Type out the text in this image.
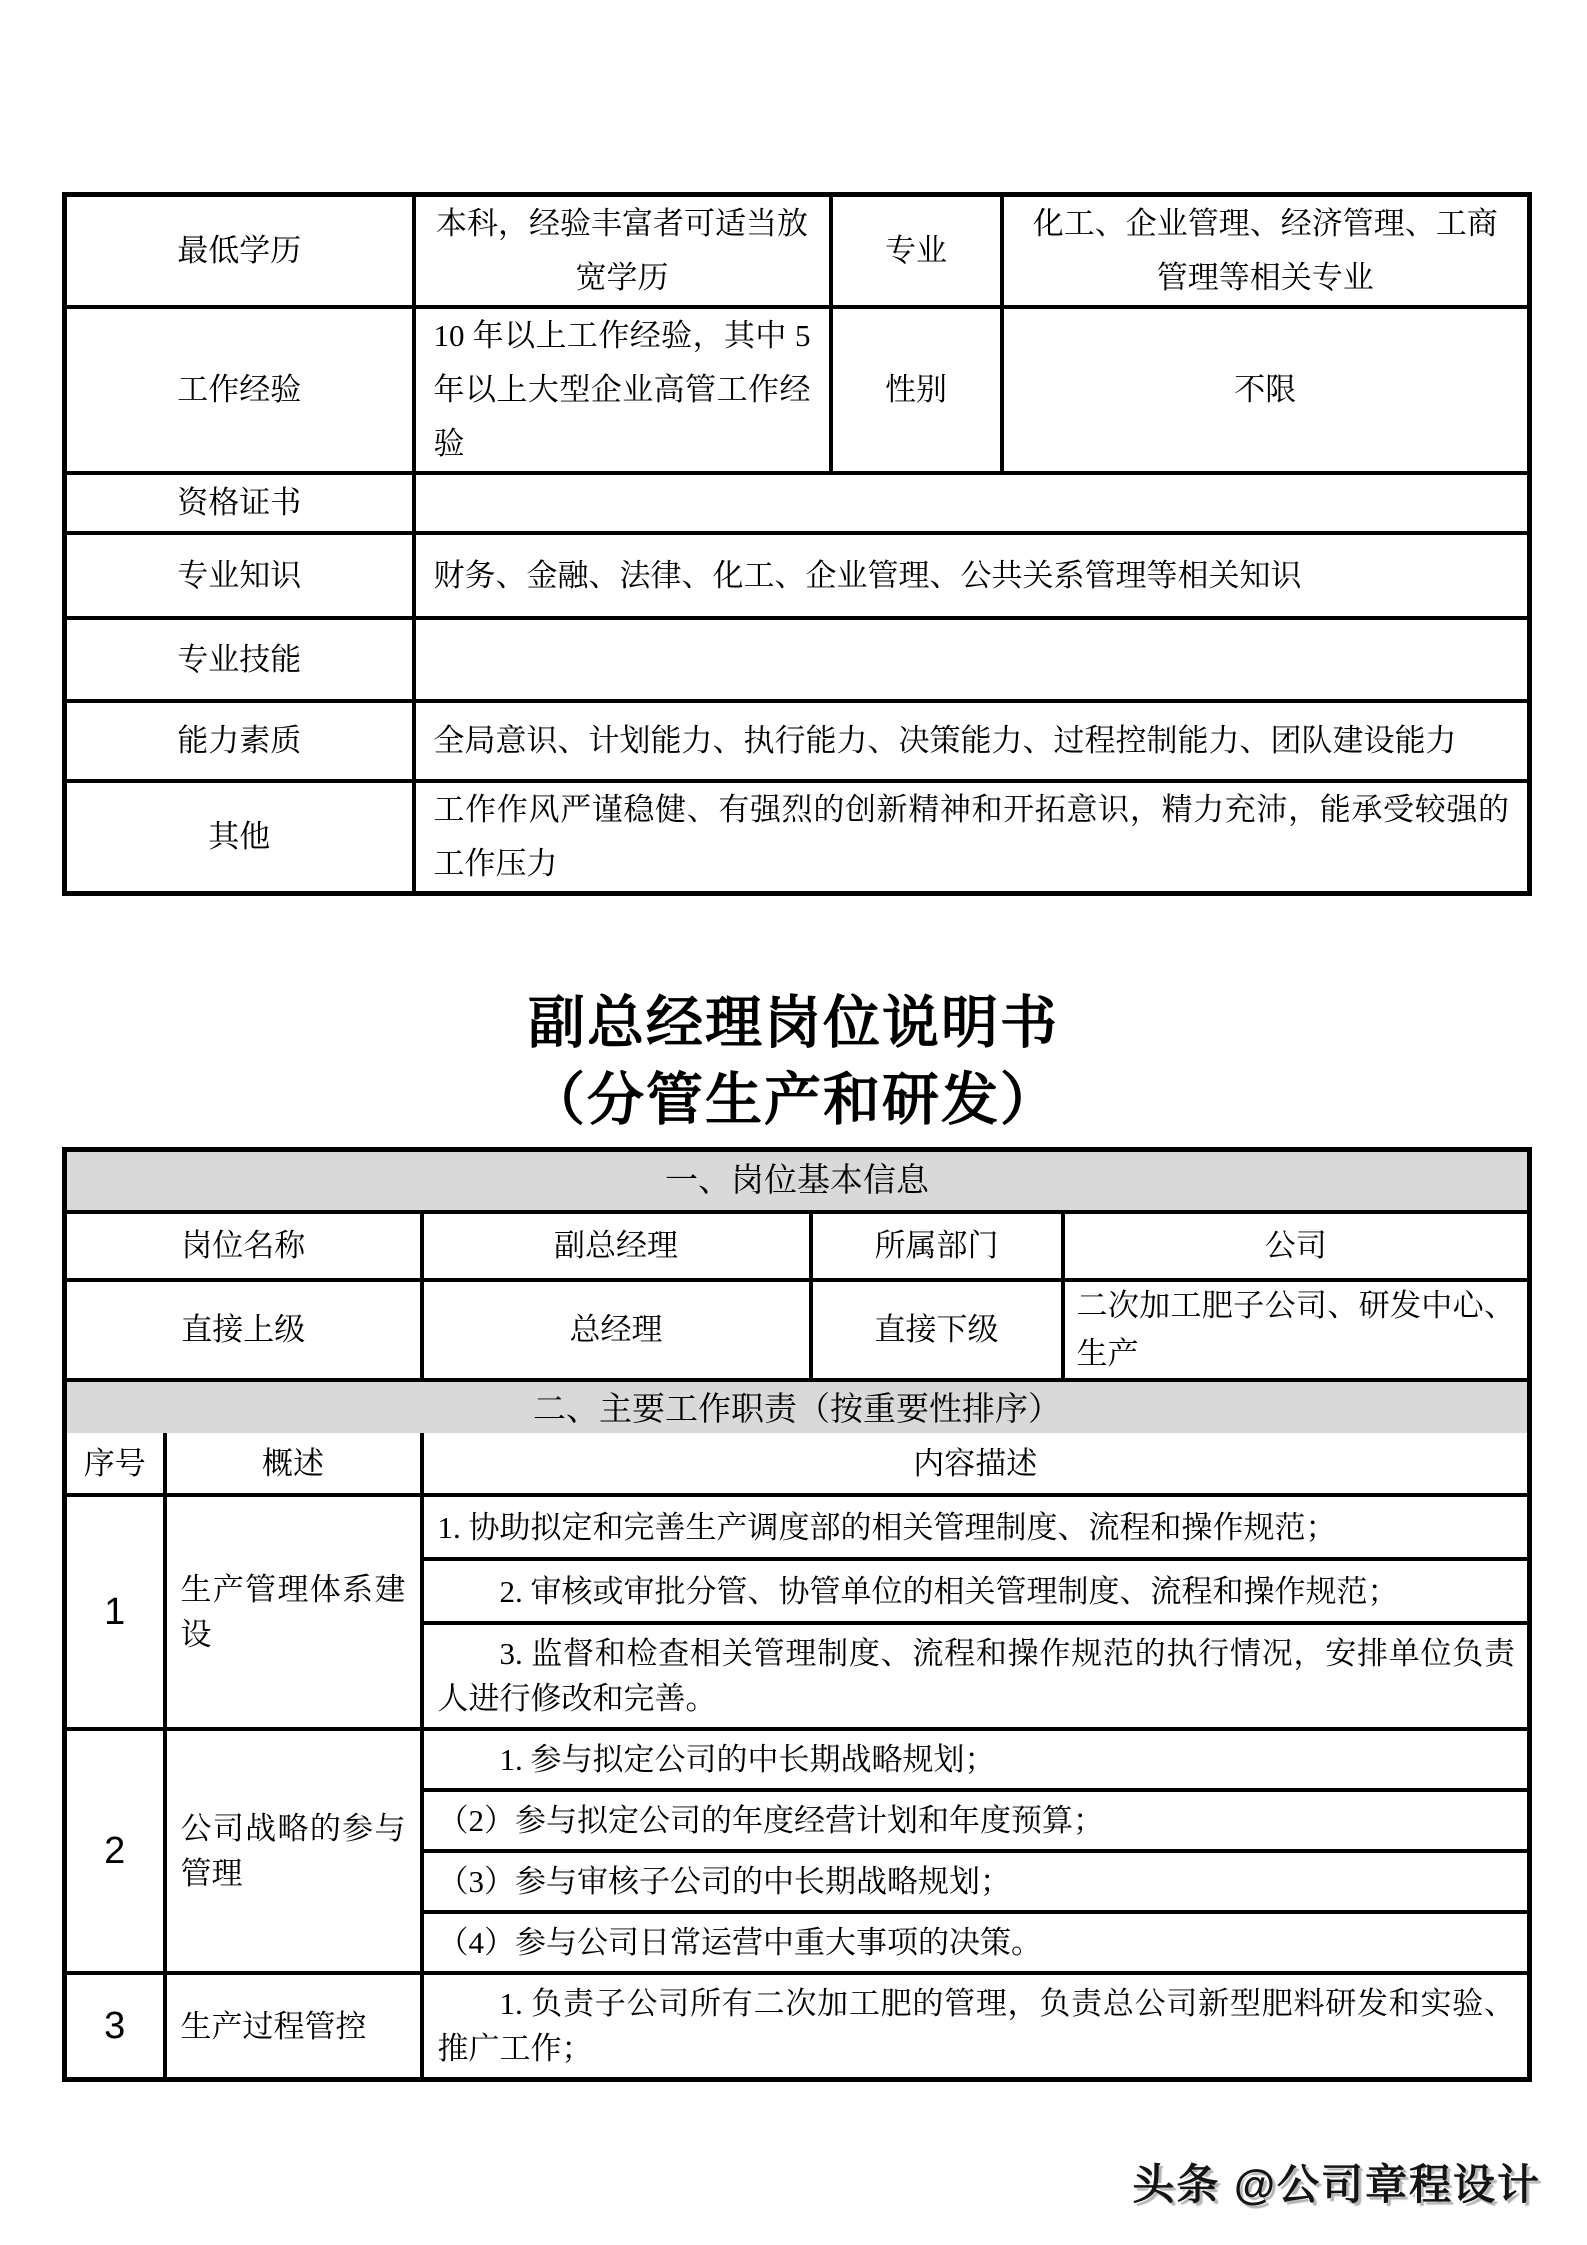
最低学历	本科，经验丰富者可适当放宽学历	专业	化工、企业管理、经济管理、工商管理等相关专业
工作经验	10 年以上工作经验，其中 5 年以上大型企业高管工作经验	性别	不限
资格证书			
专业知识	财务、金融、法律、化工、企业管理、公共关系管理等相关知识		
专业技能			
能力素质	全局意识、计划能力、执行能力、决策能力、过程控制能力、团队建设能力		
其他	工作作风严谨稳健、有强烈的创新精神和开拓意识，精力充沛，能承受较强的工作压力		
副总经理岗位说明书
（分管生产和研发）
一、岗位基本信息			
岗位名称	副总经理	所属部门	公司
直接上级	总经理	直接下级	二次加工肥子公司、研发中心、生产
二、主要工作职责（按重要性排序）			
序号	概述	内容描述
1	生产管理体系建设	1. 协助拟定和完善生产调度部的相关管理制度、流程和操作规范；
		2. 审核或审批分管、协管单位的相关管理制度、流程和操作规范；
		3. 监督和检查相关管理制度、流程和操作规范的执行情况，安排单位负责人进行修改和完善。
2	公司战略的参与管理	1. 参与拟定公司的中长期战略规划；
		（2）参与拟定公司的年度经营计划和年度预算；
		（3）参与审核子公司的中长期战略规划；
		（4）参与公司日常运营中重大事项的决策。
3	生产过程管控	1. 负责子公司所有二次加工肥的管理，负责总公司新型肥料研发和实验、推广工作；
头条 @公司章程设计
